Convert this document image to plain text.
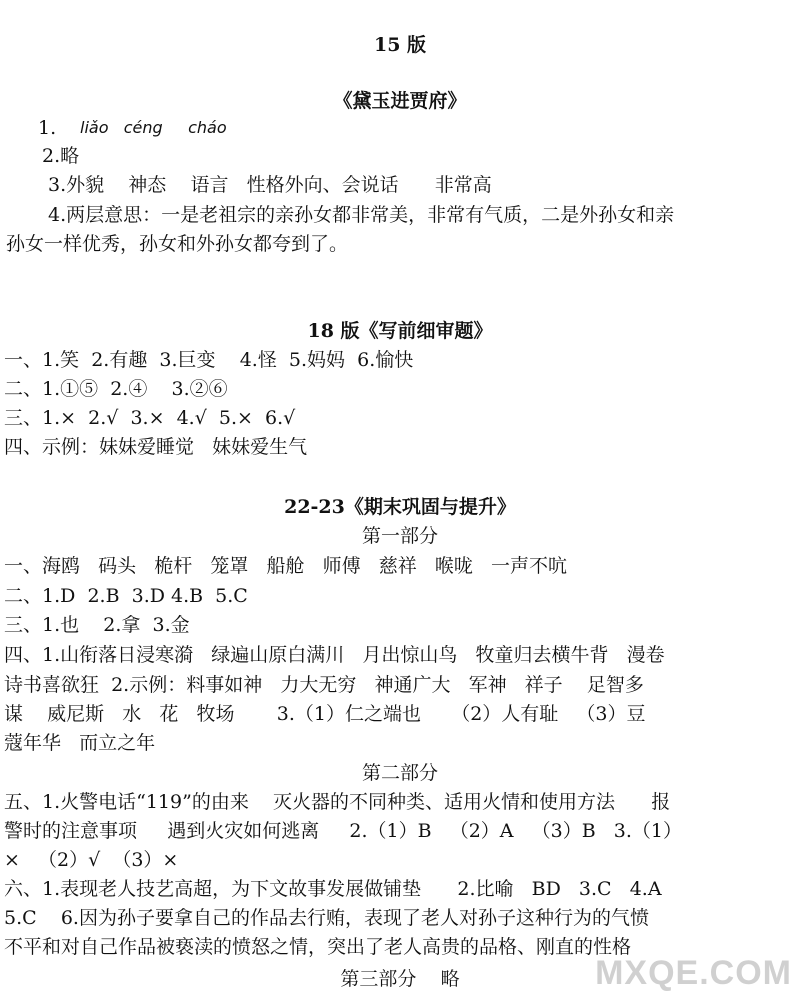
15 版
《黛玉进贾府》
1.	liǎo   céng     cháo
2.略
3.外貌    神态    语言   性格外向、会说话      非常高
4.两层意思：一是老祖宗的亲孙女都非常美，非常有气质，二是外孙女和亲
孙女一样优秀，孙女和外孙女都夸到了。
18 版《写前细审题》
一、1.笑  2.有趣  3.巨变    4.怪  5.妈妈  6.愉快
二、1.①⑤  2.④    3.②⑥
三、1.×  2.√  3.×  4.√  5.×  6.√
四、示例：妹妹爱睡觉   妹妹爱生气
22-23《期末巩固与提升》
第一部分
一、海鸥   码头   桅杆   笼罩   船舱   师傅   慈祥   喉咙   一声不吭
二、1.D  2.B  3.D 4.B  5.C
三、1.也    2.拿  3.金
四、1.山衔落日浸寒漪   绿遍山原白满川   月出惊山鸟   牧童归去横牛背   漫卷
诗书喜欲狂  2.示例：料事如神   力大无穷   神通广大   军神   祥子    足智多
谋    威尼斯   水   花   牧场       3.（1）仁之端也     （2）人有耻   （3）豆
蔻年华   而立之年
第二部分
五、1.火警电话“119”的由来    灭火器的不同种类、适用火情和使用方法      报
警时的注意事项     遇到火灾如何逃离     2.（1）B   （2）A   （3）B   3.（1）
×   （2）√  （3）×
六、1.表现老人技艺高超，为下文故事发展做铺垫      2.比喻   BD   3.C   4.A
5.C    6.因为孙子要拿自己的作品去行贿，表现了老人对孙子这种行为的气愤
不平和对自己作品被亵渎的愤怒之情，突出了老人高贵的品格、刚直的性格
第三部分    略	MXQE.COM
